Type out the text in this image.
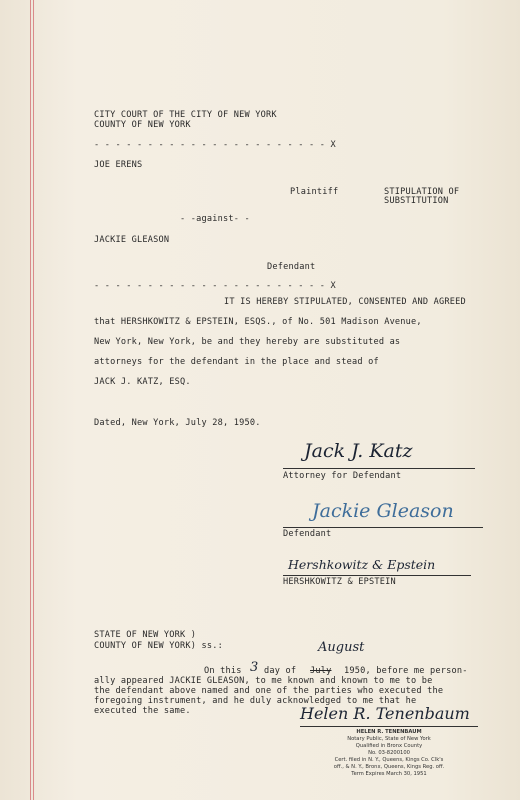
CITY COURT OF THE CITY OF NEW YORK
COUNTY OF NEW YORK
- - - - - - - - - - - - - - - - - - - - - - X
JOE ERENS
Plaintiff	STIPULATION OF
SUBSTITUTION
- -against- -
JACKIE GLEASON
Defendant
- - - - - - - - - - - - - - - - - - - - - - X
IT IS HEREBY STIPULATED, CONSENTED AND AGREED
that HERSHKOWITZ & EPSTEIN, ESQS., of No. 501 Madison Avenue,
New York, New York, be and they hereby are substituted as
attorneys for the defendant in the place and stead of
JACK J. KATZ, ESQ.
Dated, New York, July 28, 1950.
Jack J. Katz
Attorney for Defendant
Jackie Gleason
Defendant
Hershkowitz & Epstein
HERSHKOWITZ & EPSTEIN
STATE OF NEW YORK )
COUNTY OF NEW YORK) ss.:
On this 3 day of July
August
1950, before me person-
ally appeared JACKIE GLEASON, to me known and known to me to be
the defendant above named and one of the parties who executed the
foregoing instrument, and he duly acknowledged to me that he
executed the same.	Helen R. Tenenbaum
HELEN R. TENENBAUM
Notary Public, State of New York
Qualified in Bronx County
No. 03-8200100
Cert. filed in N. Y., Queens, Kings Co. Clk's
off., & N. Y., Bronx, Queens, Kings Reg. off.
Term Expires March 30, 1951
